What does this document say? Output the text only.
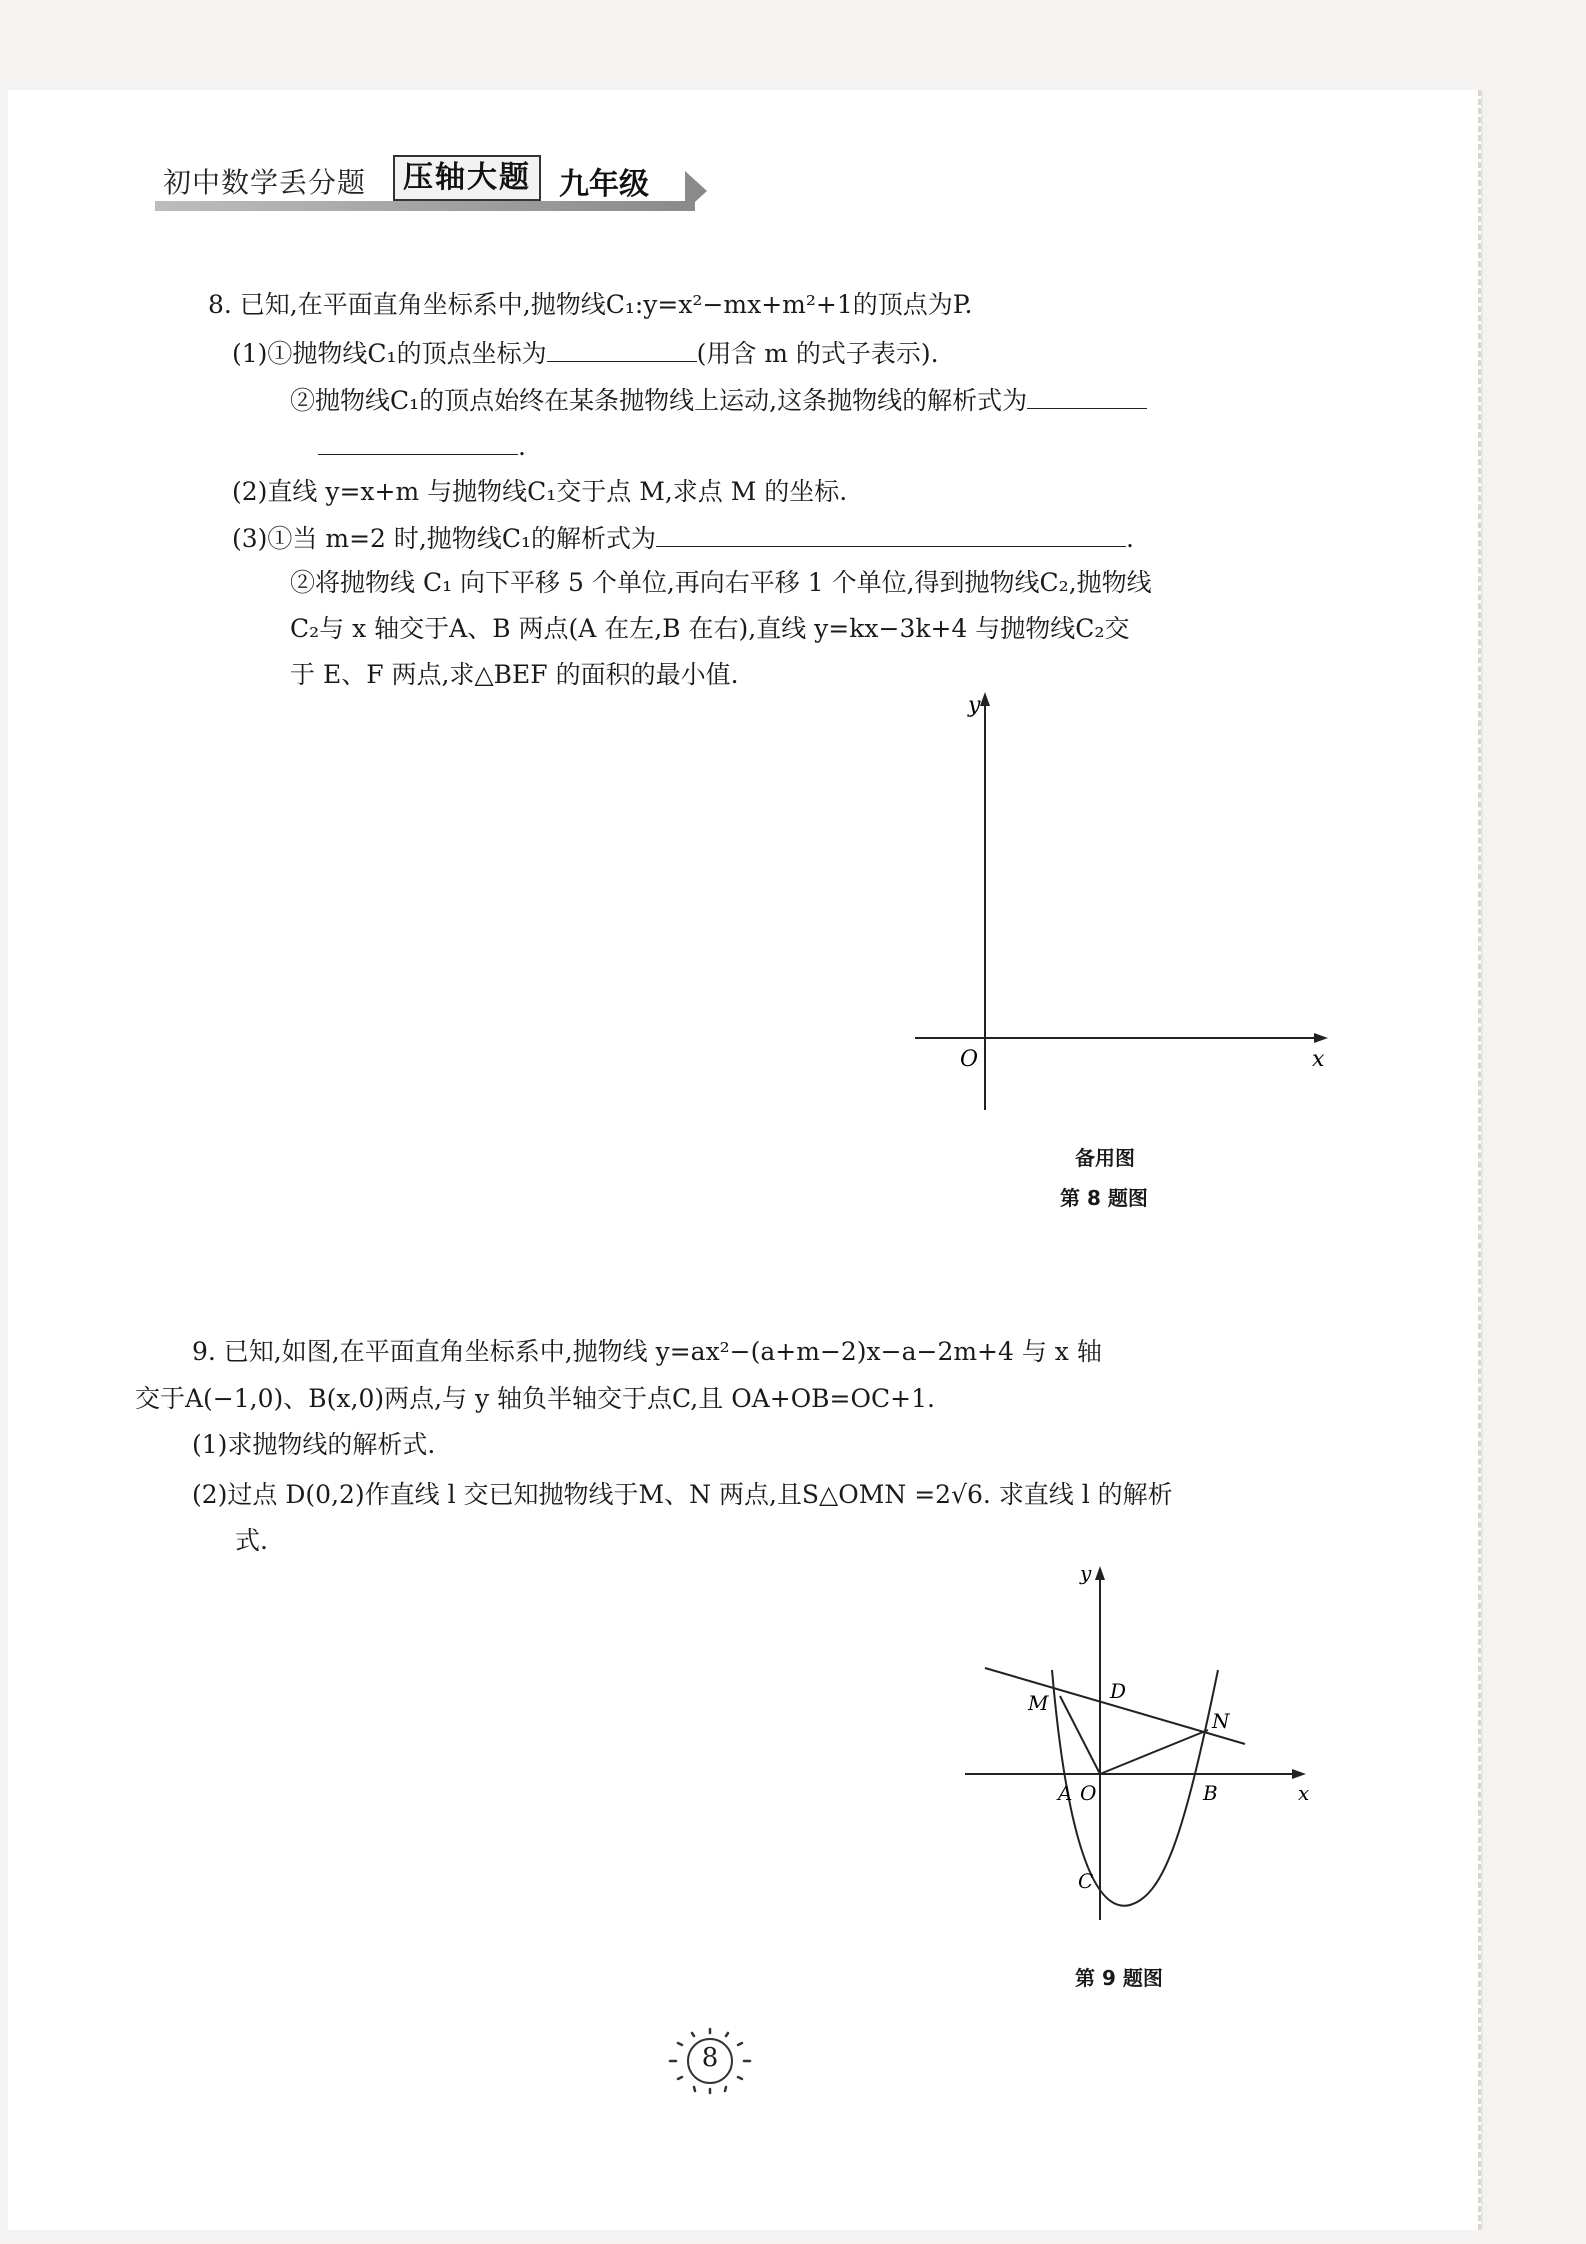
初中数学丢分题	压轴大题 九年级
8. 已知,在平面直角坐标系中,抛物线C₁:y=x²−mx+m²+1的顶点为P.
(1)①抛物线C₁的顶点坐标为	(用含 m 的式子表示).
②抛物线C₁的顶点始终在某条抛物线上运动,这条抛物线的解析式为
.
(2)直线 y=x+m 与抛物线C₁交于点 M,求点 M 的坐标.
(3)①当 m=2 时,抛物线C₁的解析式为	.
②将抛物线 C₁ 向下平移 5 个单位,再向右平移 1 个单位,得到抛物线C₂,抛物线
C₂与 x 轴交于A、B 两点(A 在左,B 在右),直线 y=kx−3k+4 与抛物线C₂交
于 E、F 两点,求△BEF 的面积的最小值.
y
x
O
备用图
第 8 题图
9. 已知,如图,在平面直角坐标系中,抛物线 y=ax²−(a+m−2)x−a−2m+4 与 x 轴
交于A(−1,0)、B(x,0)两点,与 y 轴负半轴交于点C,且 OA+OB=OC+1.
(1)求抛物线的解析式.
(2)过点 D(0,2)作直线 l 交已知抛物线于M、N 两点,且S△OMN =2√6. 求直线 l 的解析
式.
y
x
O
A	B
C
D
M
N
第 9 题图
8
